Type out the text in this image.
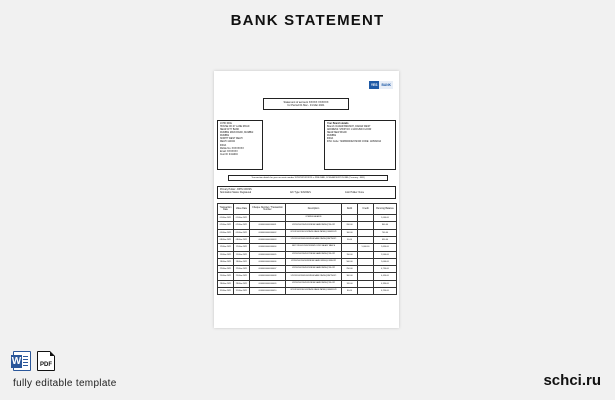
BANK STATEMENT
YES	BANK
Statement of account XXXXX XXXXXX
for Period 01 Mar - 31 Mar 2021
JOHN DOE
HOUSE NO 47 LANE ROAD
NEAR CITY BANK
MUMBAI MAIN ROAD, MUMBAI
MUMBAI
NORTH WEST DELHI
DELHI 110034
INDIA
Mobile No. XXXXXXXX
Email: XXXXXXX
Cust ID: 0411004
Your Branch details
Branch: DADAR BRANCH, DADAR WEST
ADDRESS: SHOP NO 1 GROUND FLOOR
NEAR NEW ROAD
MUMBAI
INDIA
IFSC Code: YESB0000023 MICR CODE: 110532014
Transaction details for your account number XXXXXXXXXXXX is PRE-PAID, FOR AMOUNT IN INR (Currency : INR)
Primary Holder: JOHN CROSS
Nomination Status: Registered	A/C Type: SAVINGS	Joint Holder: None
Transaction Date	Value Date	Cheque Number / Transaction Number	Description	Debit	Credit	Running Balance
01-Mar-2021	01-Mar-2021		OPENING BALANCE			1,000.00
02-Mar-2021	02-Mar-2021	0000000000000001	UPI/DR/106119841024/PAYEE NAME/ PAYEE@YBL/UPI	200.00		800.00
05-Mar-2021	05-Mar-2021	0000000000000002	UPI/DR/106119841025/PAYEE NAME/ PAYEE@OKAXIS/UPI	100.00		700.00
08-Mar-2021	08-Mar-2021	0000000000000003	UPI/DR/106119841026/PAYEE NAME/ PAYEE@PAYTM/UPI	50.00		650.00
12-Mar-2021	12-Mar-2021	0000000000000004	NEFT/CR/000123456789/EMPLOYER/ SALARY MARCH		5,000.00	5,650.00
15-Mar-2021	15-Mar-2021	0000000000000005	UPI/DR/106119841027/PAYEE NAME/ PAYEE@YBL/UPI	150.00		5,500.00
18-Mar-2021	18-Mar-2021	0000000000000006	UPI/DR/106119841028/PAYEE NAME/ PAYEE@OKSBI/UPI	500.00		5,000.00
22-Mar-2021	22-Mar-2021	0000000000000007	UPI/DR/106119841029/PAYEE NAME/ PAYEE@YBL/UPI	250.00		4,750.00
25-Mar-2021	25-Mar-2021	0000000000000008	UPI/DR/106119841030/PAYEE NAME/ PAYEE@PAYTM/UPI	300.00		4,450.00
28-Mar-2021	28-Mar-2021	0000000000000009	UPI/DR/106119841031/PAYEE NAME/ PAYEE@YBL/UPI	120.00		4,330.00
31-Mar-2021	31-Mar-2021	0000000000000010	UPI/DR/106119841032/PAYEE NAME/ PAYEE@OKAXIS/UPI	80.00		4,250.00
W	PDF
fully editable template	schci.ru
